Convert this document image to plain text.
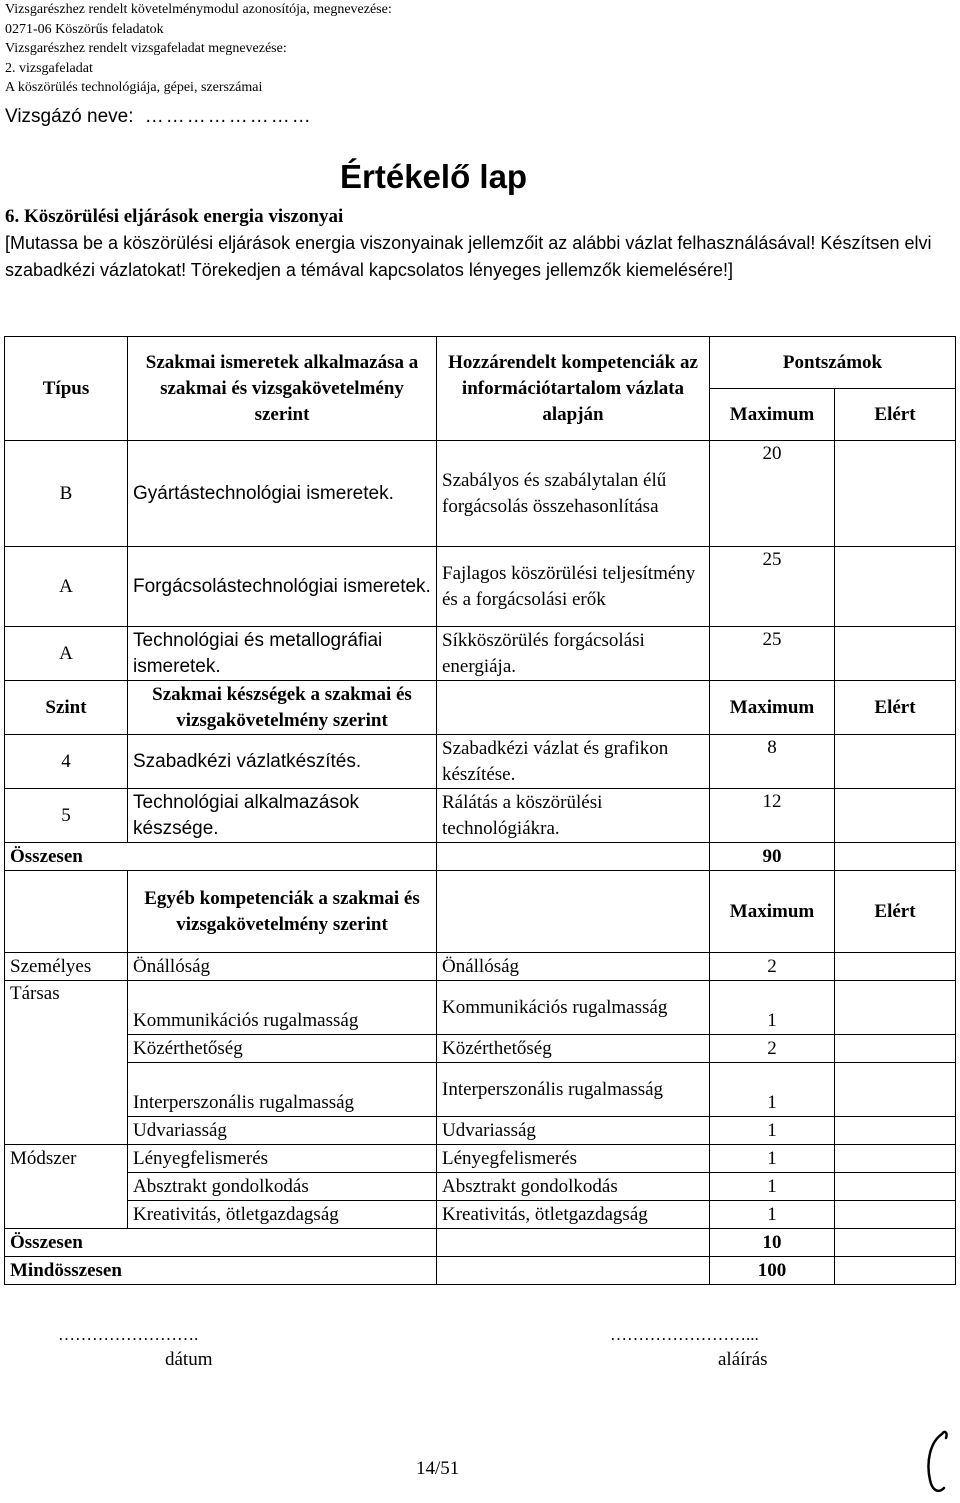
Vizsgarészhez rendelt követelménymodul azonosítója, megnevezése:
0271-06 Köszörűs feladatok
Vizsgarészhez rendelt vizsgafeladat megnevezése:
2. vizsgafeladat
A köszörülés technológiája, gépei, szerszámai
Vizsgázó neve: ……………………
Értékelő lap
6. Köszörülési eljárások energia viszonyai
[Mutassa be a köszörülési eljárások energia viszonyainak jellemzőit az alábbi vázlat felhasználásával! Készítsen elvi szabadkézi vázlatokat! Törekedjen a témával kapcsolatos lényeges jellemzők kiemelésére!]
Típus	Szakmai ismeretek alkalmazása a szakmai és vizsgakövetelmény szerint	Hozzárendelt kompetenciák az információtartalom vázlata alapján	Pontszámok	
			Maximum	Elért
B	Gyártástechnológiai ismeretek.	Szabályos és szabálytalan élű forgácsolás összehasonlítása	20	
A	Forgácsolástechnológiai ismeretek.	Fajlagos köszörülési teljesítmény és a forgácsolási erők	25	
A	Technológiai és metallográfiai ismeretek.	Síkköszörülés forgácsolási energiája.	25	
Szint	Szakmai készségek a szakmai és vizsgakövetelmény szerint		Maximum	Elért
4	Szabadkézi vázlatkészítés.	Szabadkézi vázlat és grafikon készítése.	8	
5	Technológiai alkalmazások készsége.	Rálátás a köszörülési technológiákra.	12	
Összesen			90	
	Egyéb kompetenciák a szakmai és vizsgakövetelmény szerint		Maximum	Elért
Személyes	Önállóság	Önállóság	2	
Társas	Kommunikációs rugalmasság	Kommunikációs rugalmasság	1	
	Közérthetőség	Közérthetőség	2	
	Interperszonális rugalmasság	Interperszonális rugalmasság	1	
	Udvariasság	Udvariasság	1	
Módszer	Lényegfelismerés	Lényegfelismerés	1	
	Absztrakt gondolkodás	Absztrakt gondolkodás	1	
	Kreativitás, ötletgazdagság	Kreativitás, ötletgazdagság	1	
Összesen			10	
Mindösszesen			100	
…………………….
dátum
……………………...
aláírás
14/51
